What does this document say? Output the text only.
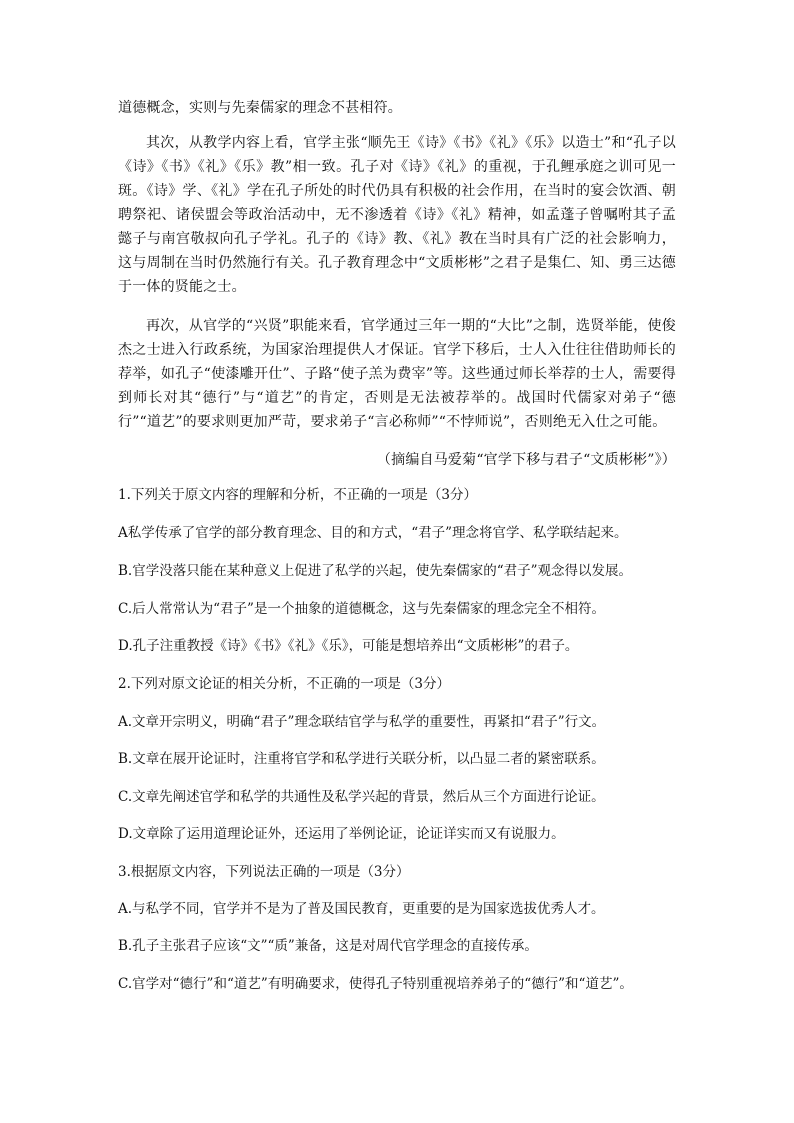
道德概念，实则与先秦儒家的理念不甚相符。

其次，从教学内容上看，官学主张“顺先王《诗》《书》《礼》《乐》以造士”和“孔子以《诗》《书》《礼》《乐》教”相一致。孔子对《诗》《礼》的重视，于孔鲤承庭之训可见一斑。《诗》学、《礼》学在孔子所处的时代仍具有积极的社会作用，在当时的宴会饮酒、朝聘祭祀、诸侯盟会等政治活动中，无不渗透着《诗》《礼》精神，如孟蓬子曾嘱咐其子孟懿子与南宫敬叔向孔子学礼。孔子的《诗》教、《礼》教在当时具有广泛的社会影响力，这与周制在当时仍然施行有关。孔子教育理念中“文质彬彬”之君子是集仁、知、勇三达德于一体的贤能之士。

再次，从官学的“兴贤”职能来看，官学通过三年一期的“大比”之制，选贤举能，使俊杰之士进入行政系统，为国家治理提供人才保证。官学下移后，士人入仕往往借助师长的荐举，如孔子“使漆雕开仕”、子路“使子羔为费宰”等。这些通过师长举荐的士人，需要得到师长对其“德行”与“道艺”的肯定，否则是无法被荐举的。战国时代儒家对弟子“德行”“道艺”的要求则更加严苛，要求弟子“言必称师”“不悖师说”，否则绝无入仕之可能。

（摘编自马爱菊“官学下移与君子“文质彬彬”》）

1.下列关于原文内容的理解和分析，不正确的一项是（3分）

A私学传承了官学的部分教育理念、目的和方式，“君子”理念将官学、私学联结起来。

B.官学没落只能在某种意义上促进了私学的兴起，使先秦儒家的“君子”观念得以发展。

C.后人常常认为“君子”是一个抽象的道德概念，这与先秦儒家的理念完全不相符。

D.孔子注重教授《诗》《书》《礼》《乐》，可能是想培养出“文质彬彬”的君子。

2.下列对原文论证的相关分析，不正确的一项是（3分）

A.文章开宗明义，明确“君子”理念联结官学与私学的重要性，再紧扣“君子”行文。

B.文章在展开论证时，注重将官学和私学进行关联分析，以凸显二者的紧密联系。

C.文章先阐述官学和私学的共通性及私学兴起的背景，然后从三个方面进行论证。

D.文章除了运用道理论证外，还运用了举例论证，论证详实而又有说服力。

3.根据原文内容，下列说法正确的一项是（3分）

A.与私学不同，官学并不是为了普及国民教育，更重要的是为国家选拔优秀人才。

B.孔子主张君子应该“文”“质”兼备，这是对周代官学理念的直接传承。

C.官学对“德行”和“道艺”有明确要求，使得孔子特别重视培养弟子的“德行”和“道艺”。
